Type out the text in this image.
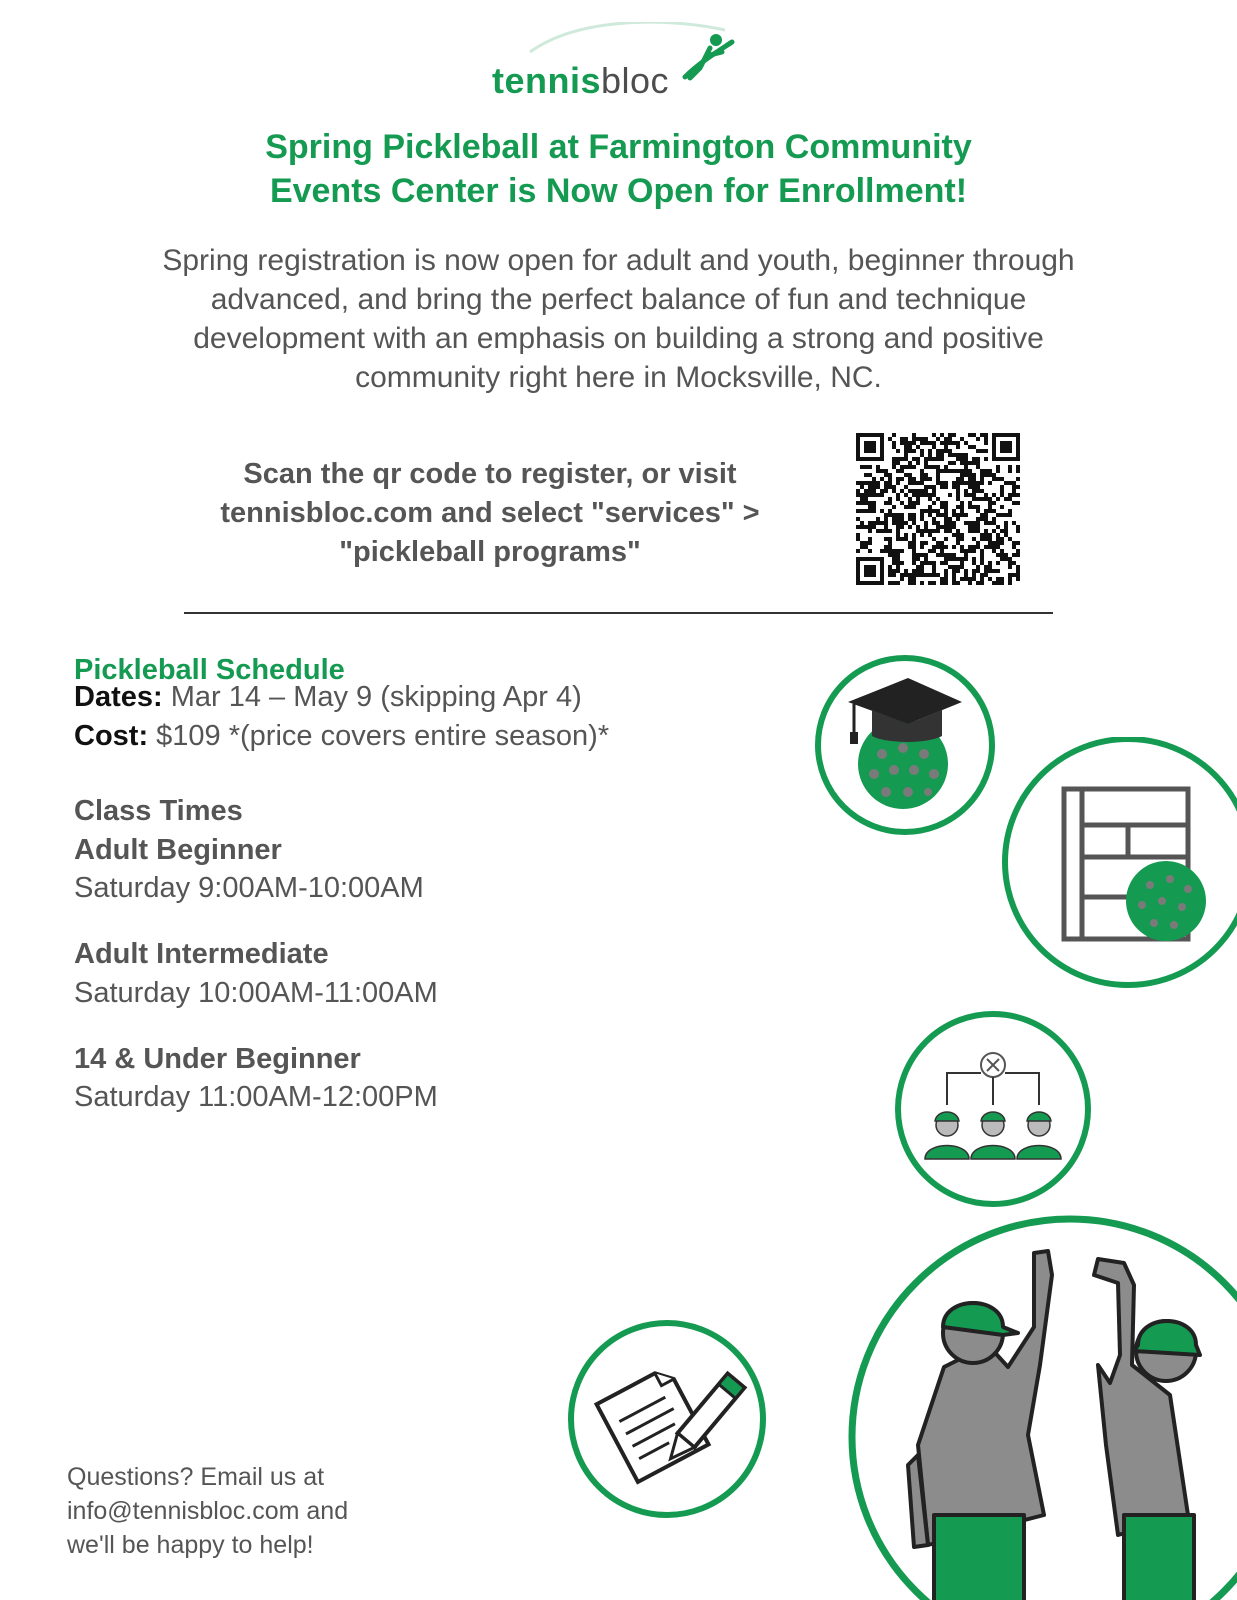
tennisbloc
Spring Pickleball at Farmington Community
Events Center is Now Open for Enrollment!
Spring registration is now open for adult and youth, beginner through
advanced, and bring the perfect balance of fun and technique
development with an emphasis on building a strong and positive
community right here in Mocksville, NC.
Scan the qr code to register, or visit
tennisbloc.com and select "services" >
"pickleball programs"
Pickleball Schedule
Dates: Mar 14 – May 9 (skipping Apr 4)
Cost: $109 *(price covers entire season)*
Class Times
Adult Beginner
Saturday 9:00AM-10:00AM
Adult Intermediate
Saturday 10:00AM-11:00AM
14 & Under Beginner
Saturday 11:00AM-12:00PM
Questions? Email us at
info@tennisbloc.com and
we'll be happy to help!
